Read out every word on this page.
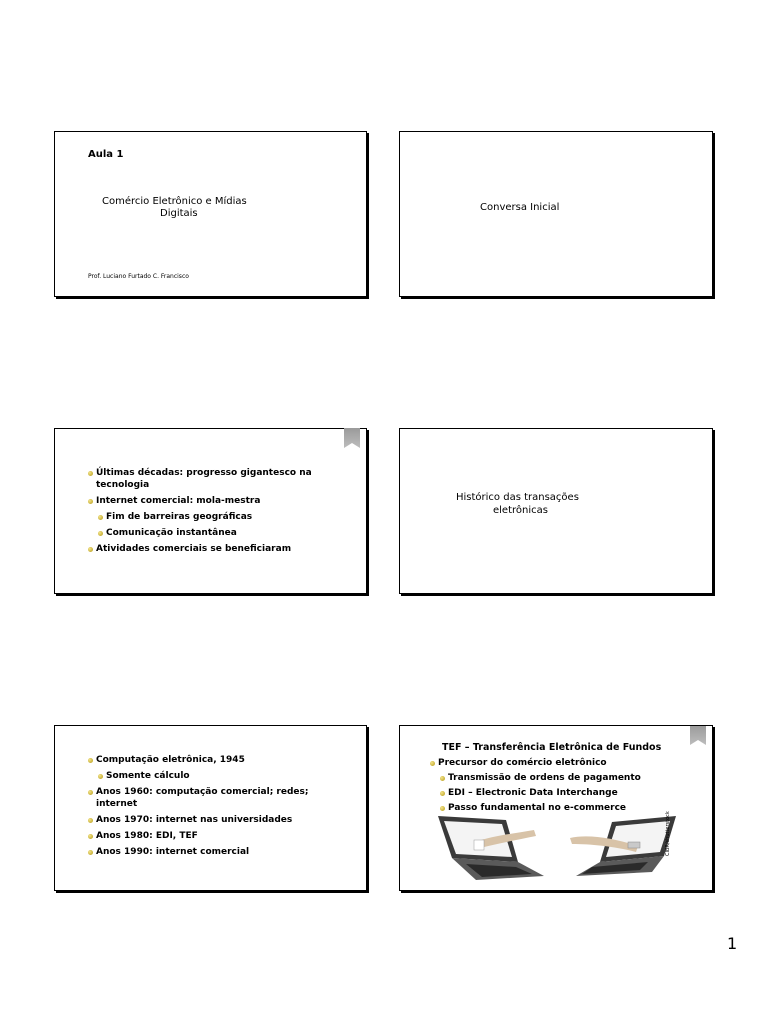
Aula 1
Comércio Eletrônico e Mídias
Digitais
Prof. Luciano Furtado C. Francisco
Conversa Inicial
Últimas décadas: progresso gigantesco na
tecnologia
Internet comercial: mola-mestra
Fim de barreiras geográficas
Comunicação instantânea
Atividades comerciais se beneficiaram
Histórico das transações
eletrônicas
Computação eletrônica, 1945
Somente cálculo
Anos 1960: computação comercial; redes;
internet
Anos 1970: internet nas universidades
Anos 1980: EDI, TEF
Anos 1990: internet comercial
TEF – Transferência Eletrônica de Fundos
Precursor do comércio eletrônico
Transmissão de ordens de pagamento
EDI – Electronic Data Interchange
Passo fundamental no e-commerce
CIBR/shutterstock
1
